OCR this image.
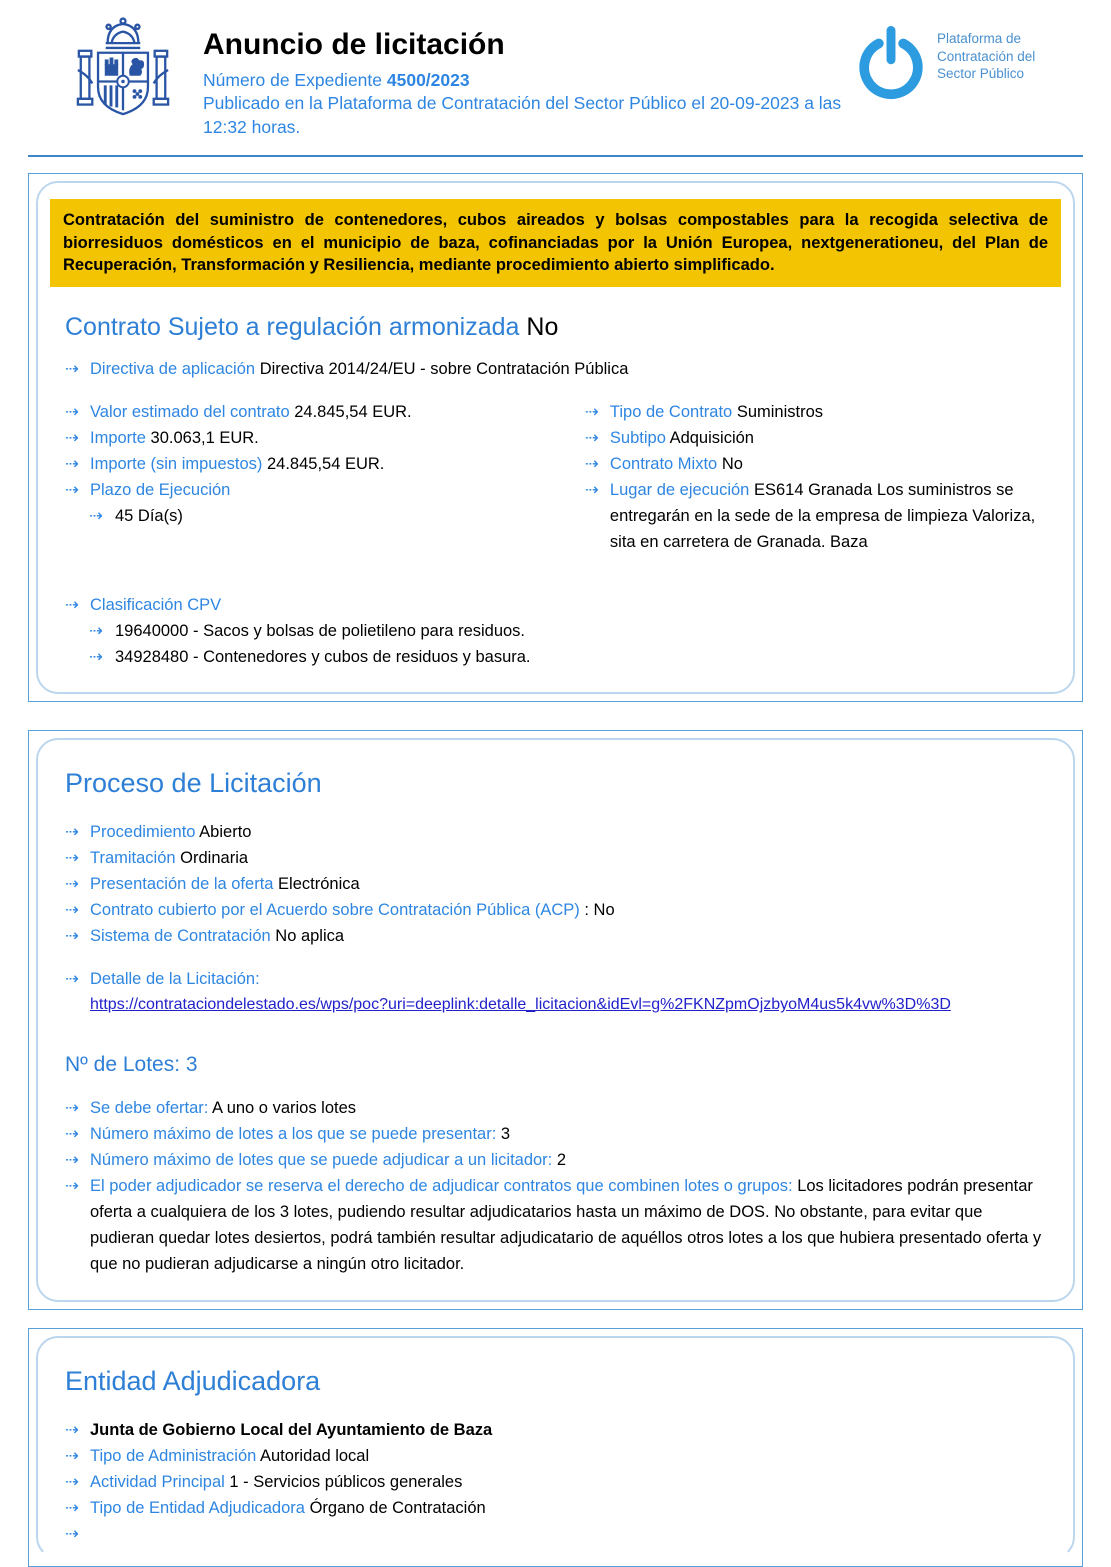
Anuncio de licitación
Número de Expediente 4500/2023
Publicado en la Plataforma de Contratación del Sector Público el 20-09-2023 a las 12:32 horas.
Plataforma de Contratación del Sector Público
Contratación del suministro de contenedores, cubos aireados y bolsas compostables para la recogida selectiva de biorresiduos domésticos en el municipio de baza, cofinanciadas por la Unión Europea, nextgenerationeu, del Plan de Recuperación, Transformación y Resiliencia, mediante procedimiento abierto simplificado.
Contrato Sujeto a regulación armonizada No
⇢ Directiva de aplicación Directiva 2014/24/EU - sobre Contratación Pública
⇢ Valor estimado del contrato 24.845,54 EUR.
⇢ Importe 30.063,1 EUR.
⇢ Importe (sin impuestos) 24.845,54 EUR.
⇢ Plazo de Ejecución
⇢ 45 Día(s)
⇢ Tipo de Contrato Suministros
⇢ Subtipo Adquisición
⇢ Contrato Mixto No
⇢ Lugar de ejecución ES614 Granada Los suministros se entregarán en la sede de la empresa de limpieza Valoriza, sita en carretera de Granada. Baza
⇢ Clasificación CPV
⇢ 19640000 - Sacos y bolsas de polietileno para residuos.
⇢ 34928480 - Contenedores y cubos de residuos y basura.
Proceso de Licitación
⇢ Procedimiento Abierto
⇢ Tramitación Ordinaria
⇢ Presentación de la oferta Electrónica
⇢ Contrato cubierto por el Acuerdo sobre Contratación Pública (ACP) : No
⇢ Sistema de Contratación No aplica
⇢ Detalle de la Licitación:
https://contrataciondelestado.es/wps/poc?uri=deeplink:detalle_licitacion&idEvl=g%2FKNZpmOjzbyoM4us5k4vw%3D%3D
Nº de Lotes: 3
⇢ Se debe ofertar: A uno o varios lotes
⇢ Número máximo de lotes a los que se puede presentar: 3
⇢ Número máximo de lotes que se puede adjudicar a un licitador: 2
⇢ El poder adjudicador se reserva el derecho de adjudicar contratos que combinen lotes o grupos: Los licitadores podrán presentar oferta a cualquiera de los 3 lotes, pudiendo resultar adjudicatarios hasta un máximo de DOS. No obstante, para evitar que pudieran quedar lotes desiertos, podrá también resultar adjudicatario de aquéllos otros lotes a los que hubiera presentado oferta y que no pudieran adjudicarse a ningún otro licitador.
Entidad Adjudicadora
⇢ Junta de Gobierno Local del Ayuntamiento de Baza
⇢ Tipo de Administración Autoridad local
⇢ Actividad Principal 1 - Servicios públicos generales
⇢ Tipo de Entidad Adjudicadora Órgano de Contratación
⇢
